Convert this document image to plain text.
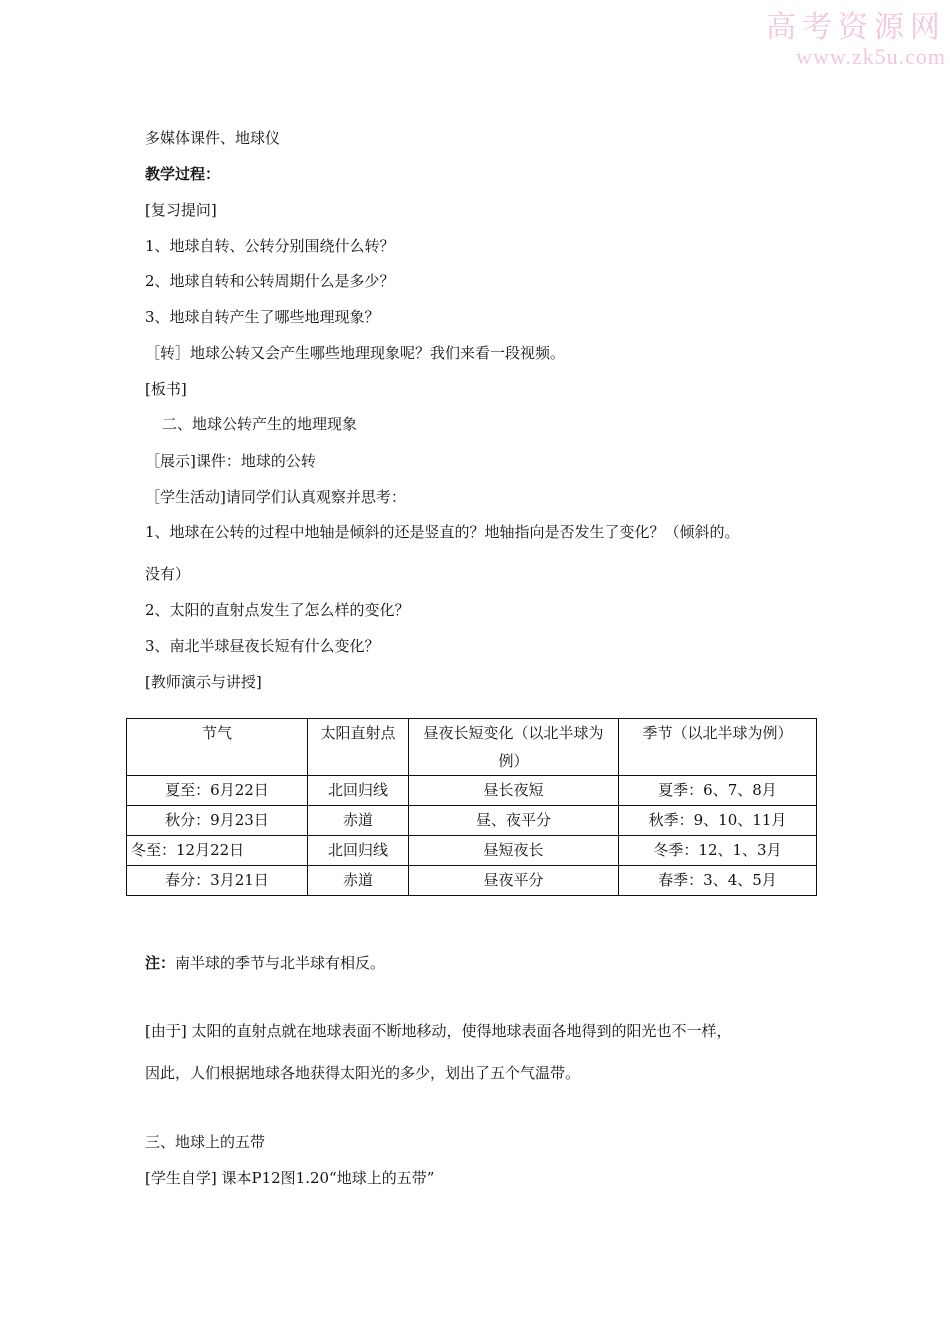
高考资源网
www.zk5u.com
多媒体课件、地球仪
教学过程：
[复习提问]
1、地球自转、公转分别围绕什么转？
2、地球自转和公转周期什么是多少？
3、地球自转产生了哪些地理现象？
［转］地球公转又会产生哪些地理现象呢？我们来看一段视频。
[板书]
二、地球公转产生的地理现象
［展示]课件：地球的公转
［学生活动]请同学们认真观察并思考：
1、地球在公转的过程中地轴是倾斜的还是竖直的？地轴指向是否发生了变化？（倾斜的。
没有）
2、太阳的直射点发生了怎么样的变化？
3、南北半球昼夜长短有什么变化？
[教师演示与讲授]
节气	太阳直射点	昼夜长短变化（以北半球为例）	季节（以北半球为例）
夏至：6月22日	北回归线	昼长夜短	夏季：6、7、8月
秋分：9月23日	赤道	昼、夜平分	秋季：9、10、11月
冬至：12月22日	北回归线	昼短夜长	冬季：12、1、3月
春分：3月21日	赤道	昼夜平分	春季：3、4、5月
注：南半球的季节与北半球有相反。
[由于] 太阳的直射点就在地球表面不断地移动，使得地球表面各地得到的阳光也不一样，
因此，人们根据地球各地获得太阳光的多少，划出了五个气温带。
三、地球上的五带
[学生自学] 课本P12图1.20“地球上的五带”
